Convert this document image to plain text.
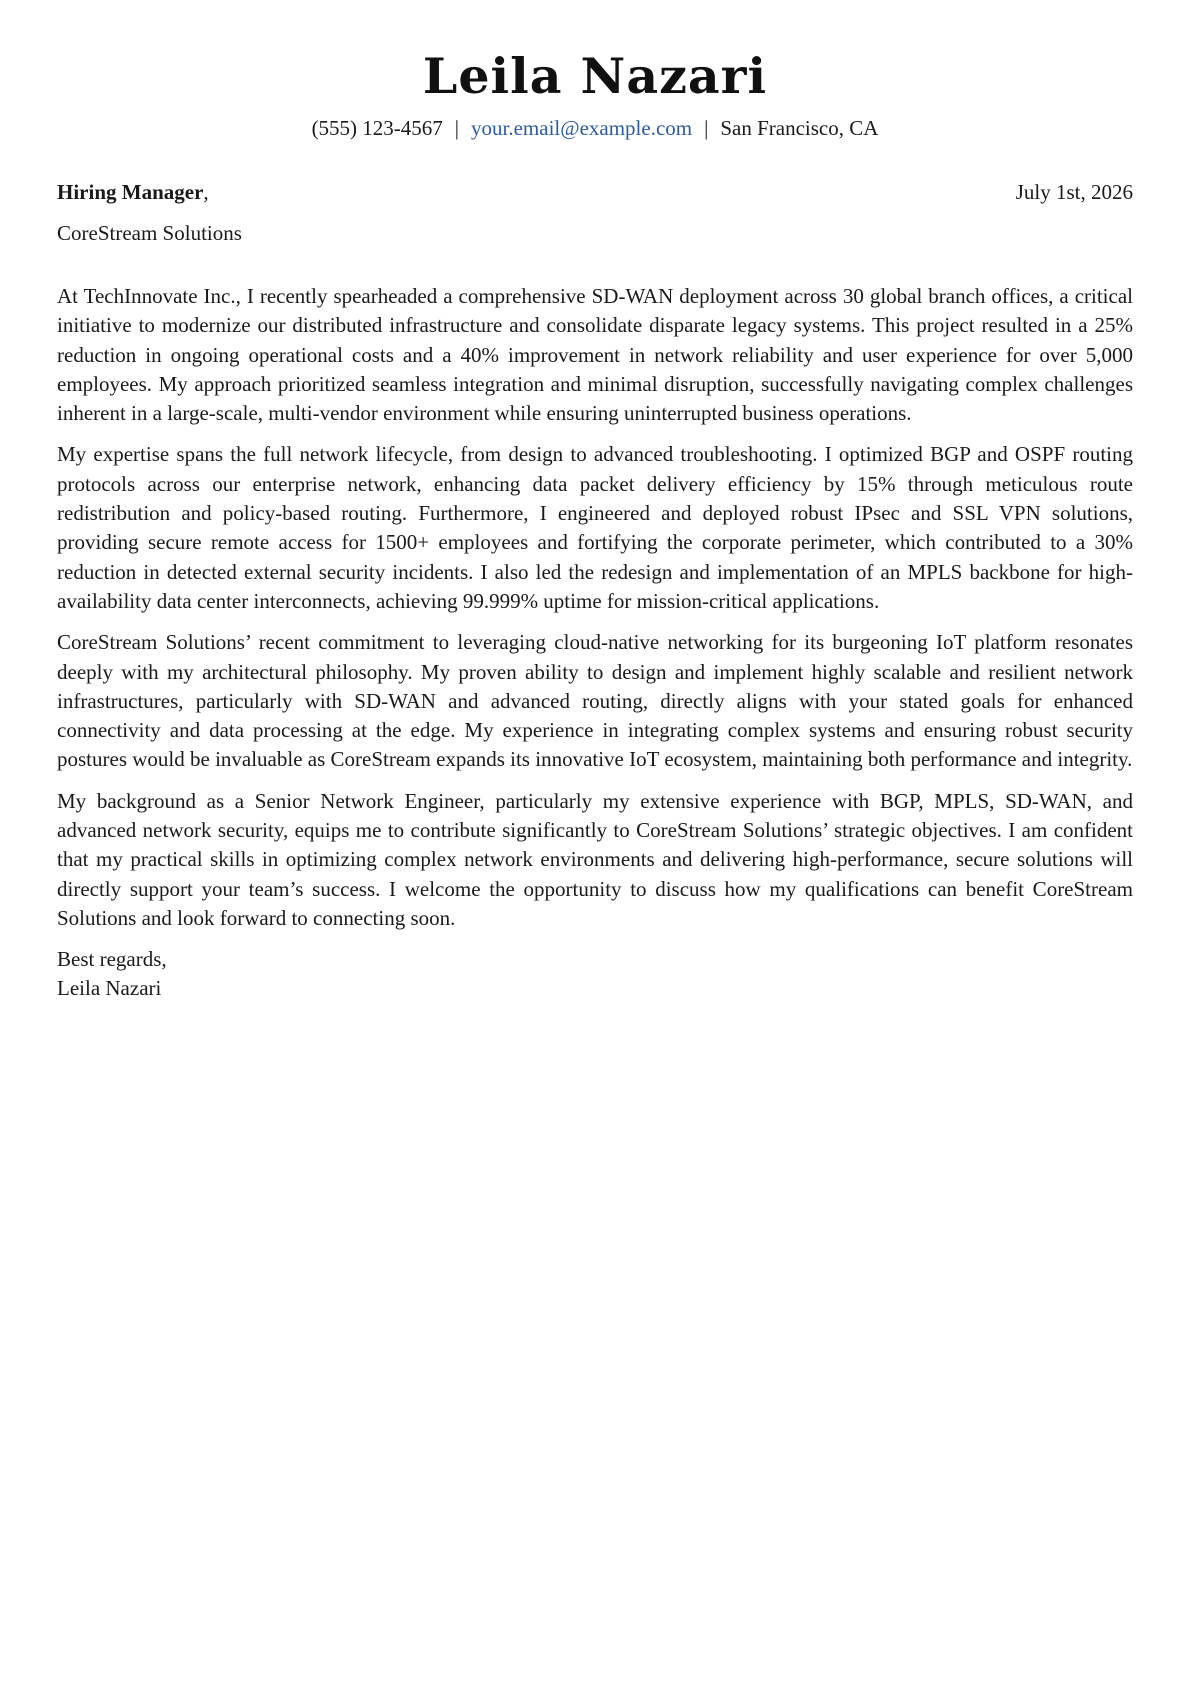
Leila Nazari
(555) 123-4567 | your.email@example.com | San Francisco, CA
Hiring Manager,	July 1st, 2026
CoreStream Solutions

At TechInnovate Inc., I recently spearheaded a comprehensive SD-WAN deployment across 30 global branch offices, a critical initiative to modernize our distributed infrastructure and consolidate disparate legacy systems. This project resulted in a 25% reduction in ongoing operational costs and a 40% improvement in network reliability and user experience for over 5,000 employees. My approach prioritized seamless integration and minimal disruption, successfully navigating complex challenges inherent in a large-scale, multi-vendor environment while ensuring uninterrupted business operations.

My expertise spans the full network lifecycle, from design to advanced troubleshooting. I optimized BGP and OSPF routing protocols across our enterprise network, enhancing data packet delivery efficiency by 15% through meticulous route redistribution and policy-based routing. Furthermore, I engineered and deployed robust IPsec and SSL VPN solutions, providing secure remote access for 1500+ employees and fortifying the corporate perimeter, which contributed to a 30% reduction in detected external security incidents. I also led the redesign and implementation of an MPLS backbone for high-availability data center interconnects, achieving 99.999% uptime for mission-critical applications.

CoreStream Solutions’ recent commitment to leveraging cloud-native networking for its burgeoning IoT platform resonates deeply with my architectural philosophy. My proven ability to design and implement highly scalable and resilient network infrastructures, particularly with SD-WAN and advanced routing, directly aligns with your stated goals for enhanced connectivity and data processing at the edge. My experience in integrating complex systems and ensuring robust security postures would be invaluable as CoreStream expands its innovative IoT ecosystem, maintaining both performance and integrity.

My background as a Senior Network Engineer, particularly my extensive experience with BGP, MPLS, SD-WAN, and advanced network security, equips me to contribute significantly to CoreStream Solutions’ strategic objectives. I am confident that my practical skills in optimizing complex network environments and delivering high-performance, secure solutions will directly support your team’s success. I welcome the opportunity to discuss how my qualifications can benefit CoreStream Solutions and look forward to connecting soon.

Best regards,
Leila Nazari
